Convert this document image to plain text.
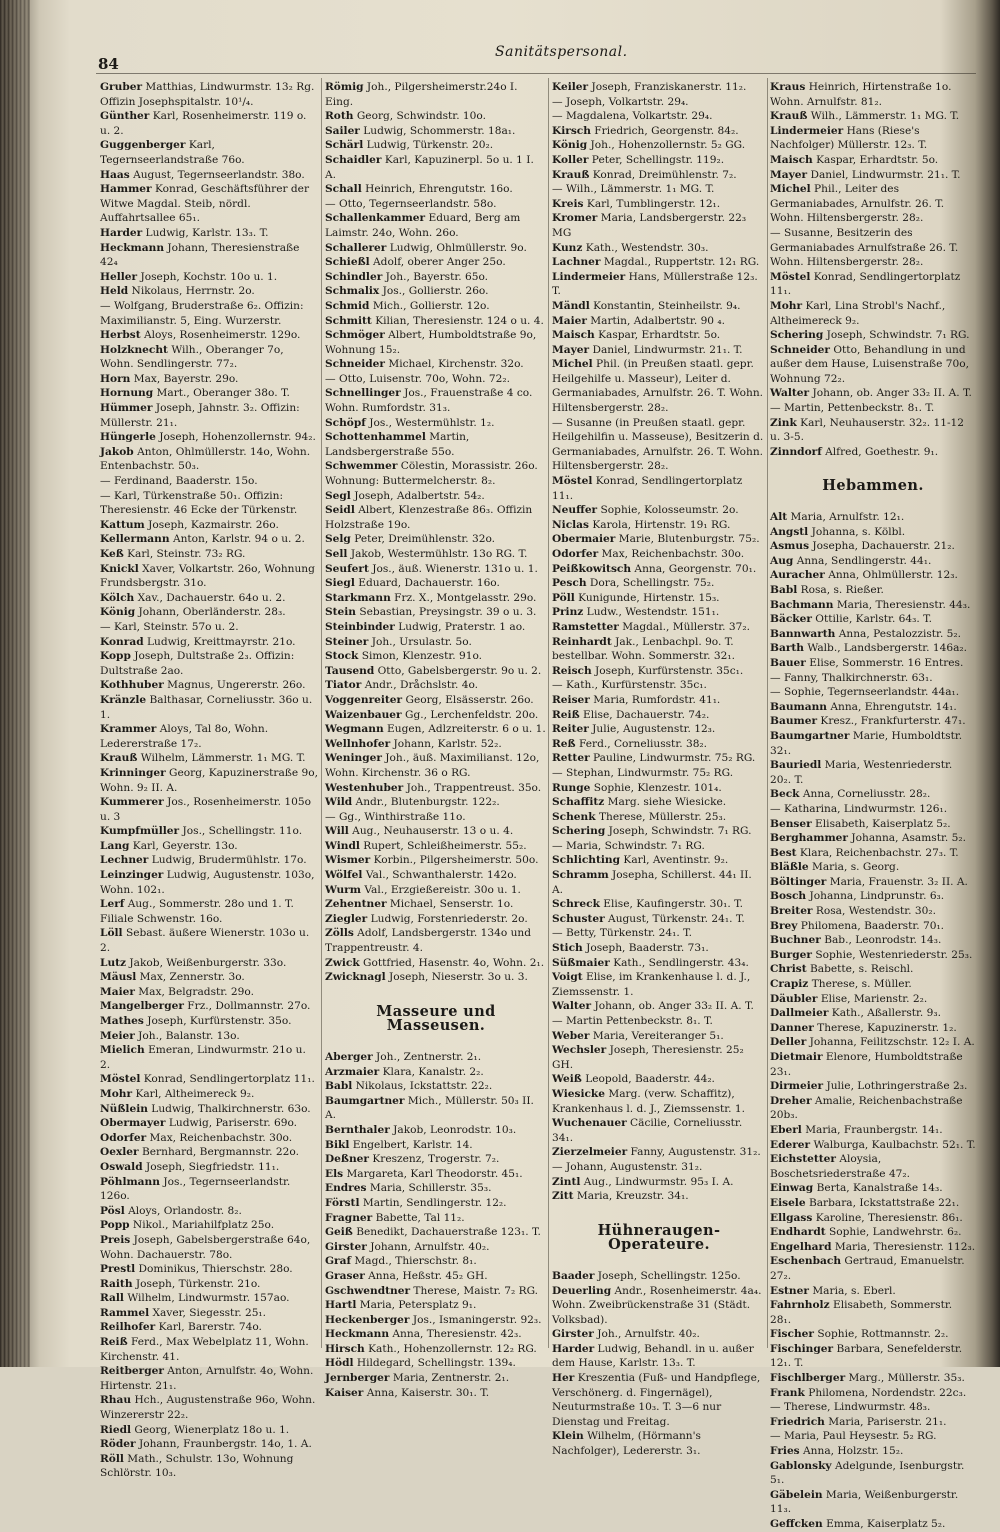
84
Sanitätspersonal.
Gruber Matthias, Lindwurmstr. 13₂ Rg. Offizin Josephspitalstr. 10¹/₄.
Günther Karl, Rosenheimerstr. 119 o. u. 2.
Guggenberger Karl, Tegernseerlandstraße 76o.
Haas August, Tegernseerlandstr. 38o.
Hammer Konrad, Geschäftsführer der Witwe Magdal. Steib, nördl. Auffahrtsallee 65₁.
Harder Ludwig, Karlstr. 13₃. T.
Heckmann Johann, Theresienstraße 42₄
Heller Joseph, Kochstr. 10o u. 1.
Held Nikolaus, Herrnstr. 2o.
— Wolfgang, Bruderstraße 6₂. Offizin: Maximilianstr. 5, Eing. Wurzerstr.
Herbst Aloys, Rosenheimerstr. 129o.
Holzknecht Wilh., Oberanger 7o, Wohn. Sendlingerstr. 77₂.
Horn Max, Bayerstr. 29o.
Hornung Mart., Oberanger 38o. T.
Hümmer Joseph, Jahnstr. 3₂. Offizin: Müllerstr. 21₁.
Hüngerle Joseph, Hohenzollernstr. 94₂.
Jakob Anton, Ohlmüllerstr. 14o, Wohn. Entenbachstr. 50₃.
— Ferdinand, Baaderstr. 15o.
— Karl, Türkenstraße 50₁. Offizin: Theresienstr. 46 Ecke der Türkenstr.
Kattum Joseph, Kazmairstr. 26o.
Kellermann Anton, Karlstr. 94 o u. 2.
Keß Karl, Steinstr. 73₂ RG.
Knickl Xaver, Volkartstr. 26o, Wohnung Frundsbergstr. 31o.
Kölch Xav., Dachauerstr. 64o u. 2.
König Johann, Oberländerstr. 28₃.
— Karl, Steinstr. 57o u. 2.
Konrad Ludwig, Kreittmayrstr. 21o.
Kopp Joseph, Dultstraße 2₃. Offizin: Dultstraße 2ao.
Kothhuber Magnus, Ungererstr. 26o.
Kränzle Balthasar, Corneliusstr. 36o u. 1.
Krammer Aloys, Tal 8o, Wohn. Ledererstraße 17₂.
Krauß Wilhelm, Lämmerstr. 1₁ MG. T.
Krinninger Georg, Kapuzinerstraße 9o, Wohn. 9₂ II. A.
Kummerer Jos., Rosenheimerstr. 105o u. 3
Kumpfmüller Jos., Schellingstr. 11o.
Lang Karl, Geyerstr. 13o.
Lechner Ludwig, Brudermühlstr. 17o.
Leinzinger Ludwig, Augustenstr. 103o, Wohn. 102₁.
Lerf Aug., Sommerstr. 28o und 1. T. Filiale Schwenstr. 16o.
Löll Sebast. äußere Wienerstr. 103o u. 2.
Lutz Jakob, Weißenburgerstr. 33o.
Mäusl Max, Zennerstr. 3o.
Maier Max, Belgradstr. 29o.
Mangelberger Frz., Dollmannstr. 27o.
Mathes Joseph, Kurfürstenstr. 35o.
Meier Joh., Balanstr. 13o.
Mielich Emeran, Lindwurmstr. 21o u. 2.
Möstel Konrad, Sendlingertorplatz 11₁.
Mohr Karl, Altheimereck 9₂.
Nüßlein Ludwig, Thalkirchnerstr. 63o.
Obermayer Ludwig, Pariserstr. 69o.
Odorfer Max, Reichenbachstr. 30o.
Oexler Bernhard, Bergmannstr. 22o.
Oswald Joseph, Siegfriedstr. 11₁.
Pöhlmann Jos., Tegernseerlandstr. 126o.
Pösl Aloys, Orlandostr. 8₂.
Popp Nikol., Mariahilfplatz 25o.
Preis Joseph, Gabelsbergerstraße 64o, Wohn. Dachauerstr. 78o.
Prestl Dominikus, Thierschstr. 28o.
Raith Joseph, Türkenstr. 21o.
Rall Wilhelm, Lindwurmstr. 157ao.
Rammel Xaver, Siegesstr. 25₁.
Reilhofer Karl, Barerstr. 74o.
Reiß Ferd., Max Webelplatz 11, Wohn. Kirchenstr. 41.
Reitberger Anton, Arnulfstr. 4o, Wohn. Hirtenstr. 21₁.
Rhau Hch., Augustenstraße 96o, Wohn. Winzererstr 22₂.
Riedl Georg, Wienerplatz 18o u. 1.
Röder Johann, Fraunbergstr. 14o, 1. A.
Röll Math., Schulstr. 13o, Wohnung Schlörstr. 10₃.
Römig Joh., Pilgersheimerstr.24o I. Eing.
Roth Georg, Schwindstr. 10o.
Sailer Ludwig, Schommerstr. 18a₁.
Schärl Ludwig, Türkenstr. 20₂.
Schaidler Karl, Kapuzinerpl. 5o u. 1 I. A.
Schall Heinrich, Ehrengutstr. 16o.
— Otto, Tegernseerlandstr. 58o.
Schallenkammer Eduard, Berg am Laimstr. 24o, Wohn. 26o.
Schallerer Ludwig, Ohlmüllerstr. 9o.
Schießl Adolf, oberer Anger 25o.
Schindler Joh., Bayerstr. 65o.
Schmalix Jos., Gollierstr. 26o.
Schmid Mich., Gollierstr. 12o.
Schmitt Kilian, Theresienstr. 124 o u. 4.
Schmöger Albert, Humboldtstraße 9o, Wohnung 15₂.
Schneider Michael, Kirchenstr. 32o.
— Otto, Luisenstr. 70o, Wohn. 72₂.
Schnellinger Jos., Frauenstraße 4 co. Wohn. Rumfordstr. 31₃.
Schöpf Jos., Westermühlstr. 1₂.
Schottenhammel Martin, Landsbergerstraße 55o.
Schwemmer Cölestin, Morassistr. 26o. Wohnung: Buttermelcherstr. 8₂.
Segl Joseph, Adalbertstr. 54₂.
Seidl Albert, Klenzestraße 86₃. Offizin Holzstraße 19o.
Selg Peter, Dreimühlenstr. 32o.
Sell Jakob, Westermühlstr. 13o RG. T.
Seufert Jos., äuß. Wienerstr. 131o u. 1.
Siegl Eduard, Dachauerstr. 16o.
Starkmann Frz. X., Montgelasstr. 29o.
Stein Sebastian, Preysingstr. 39 o u. 3.
Steinbinder Ludwig, Praterstr. 1 ao.
Steiner Joh., Ursulastr. 5o.
Stock Simon, Klenzestr. 91o.
Tausend Otto, Gabelsbergerstr. 9o u. 2.
Tiator Andr., Dråchslstr. 4o.
Voggenreiter Georg, Elsässerstr. 26o.
Waizenbauer Gg., Lerchenfeldstr. 20o.
Wegmann Eugen, Adlzreiterstr. 6 o u. 1.
Wellnhofer Johann, Karlstr. 52₂.
Weninger Joh., äuß. Maximilianst. 12o, Wohn. Kirchenstr. 36 o RG.
Westenhuber Joh., Trappentreust. 35o.
Wild Andr., Blutenburgstr. 122₂.
— Gg., Winthirstraße 11o.
Will Aug., Neuhauserstr. 13 o u. 4.
Windl Rupert, Schleißheimerstr. 55₂.
Wismer Korbin., Pilgersheimerstr. 50o.
Wölfel Val., Schwanthalerstr. 142o.
Wurm Val., Erzgießereistr. 30o u. 1.
Zehentner Michael, Senserstr. 1o.
Ziegler Ludwig, Forstenriederstr. 2o.
Zölls Adolf, Landsbergerstr. 134o und Trappentreustr. 4.
Zwick Gottfried, Hasenstr. 4o, Wohn. 2₁.
Zwicknagl Joseph, Nieserstr. 3o u. 3.
Masseure und Masseusen.
Aberger Joh., Zentnerstr. 2₁.
Arzmaier Klara, Kanalstr. 2₂.
Babl Nikolaus, Ickstattstr. 22₂.
Baumgartner Mich., Müllerstr. 50₃ II. A.
Bernthaler Jakob, Leonrodstr. 10₃.
Bikl Engelbert, Karlstr. 14.
Deßner Kreszenz, Trogerstr. 7₂.
Els Margareta, Karl Theodorstr. 45₁.
Endres Maria, Schillerstr. 35₃.
Förstl Martin, Sendlingerstr. 12₂.
Fragner Babette, Tal 11₂.
Geiß Benedikt, Dachauerstraße 123₁. T.
Girster Johann, Arnulfstr. 40₂.
Graf Magd., Thierschstr. 8₁.
Graser Anna, Heßstr. 45₂ GH.
Gschwendtner Therese, Maistr. 7₂ RG.
Hartl Maria, Petersplatz 9₁.
Heckenberger Jos., Ismaningerstr. 92₃.
Heckmann Anna, Theresienstr. 42₃.
Hirsch Kath., Hohenzollernstr. 12₂ RG.
Hödl Hildegard, Schellingstr. 139₄.
Jernberger Maria, Zentnerstr. 2₁.
Kaiser Anna, Kaiserstr. 30₁. T.
Keiler Joseph, Franziskanerstr. 11₂.
— Joseph, Volkartstr. 29₄.
— Magdalena, Volkartstr. 29₄.
Kirsch Friedrich, Georgenstr. 84₂.
König Joh., Hohenzollernstr. 5₂ GG.
Koller Peter, Schellingstr. 119₂.
Krauß Konrad, Dreimühlenstr. 7₂.
— Wilh., Lämmerstr. 1₁ MG. T.
Kreis Karl, Tumblingerstr. 12₁.
Kromer Maria, Landsbergerstr. 22₃ MG
Kunz Kath., Westendstr. 30₃.
Lachner Magdal., Ruppertstr. 12₁ RG.
Lindermeier Hans, Müllerstraße 12₃. T.
Mändl Konstantin, Steinheilstr. 9₄.
Maier Martin, Adalbertstr. 90 ₄.
Maisch Kaspar, Erhardtstr. 5o.
Mayer Daniel, Lindwurmstr. 21₁. T.
Michel Phil. (in Preußen staatl. gepr. Heilgehilfe u. Masseur), Leiter d. Germaniabades, Arnulfstr. 26. T. Wohn. Hiltensbergerstr. 28₂.
— Susanne (in Preußen staatl. gepr. Heilgehilfin u. Masseuse), Besitzerin d. Germaniabades, Arnulfstr. 26. T. Wohn. Hiltensbergerstr. 28₂.
Möstel Konrad, Sendlingertorplatz 11₁.
Neuffer Sophie, Kolosseumstr. 2o.
Niclas Karola, Hirtenstr. 19₁ RG.
Obermaier Marie, Blutenburgstr. 75₂.
Odorfer Max, Reichenbachstr. 30o.
Peißkowitsch Anna, Georgenstr. 70₁.
Pesch Dora, Schellingstr. 75₂.
Pöll Kunigunde, Hirtenstr. 15₃.
Prinz Ludw., Westendstr. 151₁.
Ramstetter Magdal., Müllerstr. 37₂.
Reinhardt Jak., Lenbachpl. 9o. T. bestellbar. Wohn. Sommerstr. 32₁.
Reisch Joseph, Kurfürstenstr. 35c₁.
— Kath., Kurfürstenstr. 35c₁.
Reiser Maria, Rumfordstr. 41₁.
Reiß Elise, Dachauerstr. 74₂.
Reiter Julie, Augustenstr. 12₃.
Reß Ferd., Corneliusstr. 38₂.
Retter Pauline, Lindwurmstr. 75₂ RG.
— Stephan, Lindwurmstr. 75₂ RG.
Runge Sophie, Klenzestr. 101₄.
Schaffitz Marg. siehe Wiesicke.
Schenk Therese, Müllerstr. 25₃.
Schering Joseph, Schwindstr. 7₁ RG.
— Maria, Schwindstr. 7₁ RG.
Schlichting Karl, Aventinstr. 9₂.
Schramm Josepha, Schillerst. 44₁ II. A.
Schreck Elise, Kaufingerstr. 30₁. T.
Schuster August, Türkenstr. 24₁. T.
— Betty, Türkenstr. 24₁. T.
Stich Joseph, Baaderstr. 73₁.
Süßmaier Kath., Sendlingerstr. 43₄.
Voigt Elise, im Krankenhause l. d. J., Ziemssenstr. 1.
Walter Johann, ob. Anger 33₂ II. A. T.
— Martin Pettenbeckstr. 8₁. T.
Weber Maria, Vereiteranger 5₁.
Wechsler Joseph, Theresienstr. 25₂ GH.
Weiß Leopold, Baaderstr. 44₂.
Wiesicke Marg. (verw. Schaffitz), Krankenhaus l. d. J., Ziemssenstr. 1.
Wuchenauer Cäcilie, Corneliusstr. 34₁.
Zierzelmeier Fanny, Augustenstr. 31₂.
— Johann, Augustenstr. 31₂.
Zintl Aug., Lindwurmstr. 95₃ I. A.
Zitt Maria, Kreuzstr. 34₁.
Hühneraugen-Operateure.
Baader Joseph, Schellingstr. 125o.
Deuerling Andr., Rosenheimerstr. 4a₄. Wohn. Zweibrückenstraße 31 (Städt. Volksbad).
Girster Joh., Arnulfstr. 40₂.
Harder Ludwig, Behandl. in u. außer dem Hause, Karlstr. 13₃. T.
Her Kreszentia (Fuß- und Handpflege, Verschönerg. d. Fingernägel), Neuturmstraße 10₃. T. 3—6 nur Dienstag und Freitag.
Klein Wilhelm, (Hörmann's Nachfolger), Ledererstr. 3₁.
Kraus Heinrich, Hirtenstraße 1o. Wohn. Arnulfstr. 81₂.
Krauß Wilh., Lämmerstr. 1₁ MG. T.
Lindermeier Hans (Riese's Nachfolger) Müllerstr. 12₃. T.
Maisch Kaspar, Erhardtstr. 5o.
Mayer Daniel, Lindwurmstr. 21₁. T.
Michel Phil., Leiter des Germaniabades, Arnulfstr. 26. T. Wohn. Hiltensbergerstr. 28₂.
— Susanne, Besitzerin des Germaniabades Arnulfstraße 26. T. Wohn. Hiltensbergerstr. 28₂.
Möstel Konrad, Sendlingertorplatz 11₁.
Mohr Karl, Lina Strobl's Nachf., Altheimereck 9₂.
Schering Joseph, Schwindstr. 7₁ RG.
Schneider Otto, Behandlung in und außer dem Hause, Luisenstraße 70o, Wohnung 72₂.
Walter Johann, ob. Anger 33₂ II. A. T.
— Martin, Pettenbeckstr. 8₁. T.
Zink Karl, Neuhauserstr. 32₂. 11-12 u. 3-5.
Zinndorf Alfred, Goethestr. 9₁.
Hebammen.
Alt Maria, Arnulfstr. 12₁.
Angstl Johanna, s. Kölbl.
Asmus Josepha, Dachauerstr. 21₂.
Aug Anna, Sendlingerstr. 44₁.
Auracher Anna, Ohlmüllerstr. 12₃.
Babl Rosa, s. Rießer.
Bachmann Maria, Theresienstr. 44₃.
Bäcker Ottilie, Karlstr. 64₃. T.
Bannwarth Anna, Pestalozzistr. 5₂.
Barth Walb., Landsbergerstr. 146a₂.
Bauer Elise, Sommerstr. 16 Entres.
— Fanny, Thalkirchnerstr. 63₁.
— Sophie, Tegernseerlandstr. 44a₁.
Baumann Anna, Ehrengutstr. 14₁.
Baumer Kresz., Frankfurterstr. 47₁.
Baumgartner Marie, Humboldtstr. 32₁.
Bauriedl Maria, Westenriederstr. 20₂. T.
Beck Anna, Corneliusstr. 28₂.
— Katharina, Lindwurmstr. 126₁.
Benser Elisabeth, Kaiserplatz 5₂.
Berghammer Johanna, Asamstr. 5₂.
Best Klara, Reichenbachstr. 27₃. T.
Bläßle Maria, s. Georg.
Böltinger Maria, Frauenstr. 3₂ II. A.
Bosch Johanna, Lindprunstr. 6₃.
Breiter Rosa, Westendstr. 30₂.
Brey Philomena, Baaderstr. 70₁.
Buchner Bab., Leonrodstr. 14₃.
Burger Sophie, Westenriederstr. 25₃.
Christ Babette, s. Reischl.
Crapiz Therese, s. Müller.
Däubler Elise, Marienstr. 2₂.
Dallmeier Kath., Aßallerstr. 9₃.
Danner Therese, Kapuzinerstr. 1₂.
Deller Johanna, Feilitzschstr. 12₂ I. A.
Dietmair Elenore, Humboldtstraße 23₁.
Dirmeier Julie, Lothringerstraße 2₃.
Dreher Amalie, Reichenbachstraße 20b₃.
Eberl Maria, Fraunbergstr. 14₁.
Ederer Walburga, Kaulbachstr. 52₁. T.
Eichstetter Aloysia, Boschetsriederstraße 47₂.
Einwag Berta, Kanalstraße 14₃.
Eisele Barbara, Ickstattstraße 22₁.
Ellgass Karoline, Theresienstr. 86₁.
Endhardt Sophie, Landwehrstr. 6₂.
Engelhard Maria, Theresienstr. 112₃.
Eschenbach Gertraud, Emanuelstr. 27₂.
Estner Maria, s. Eberl.
Fahrnholz Elisabeth, Sommerstr. 28₁.
Fischer Sophie, Rottmannstr. 2₂.
Fischinger Barbara, Senefelderstr. 12₁. T.
Fischlberger Marg., Müllerstr. 35₃.
Frank Philomena, Nordendstr. 22c₃.
— Therese, Lindwurmstr. 48₃.
Friedrich Maria, Pariserstr. 21₁.
— Maria, Paul Heysestr. 5₂ RG.
Fries Anna, Holzstr. 15₂.
Gablonsky Adelgunde, Isenburgstr. 5₁.
Gäbelein Maria, Weißenburgerstr. 11₃.
Geffcken Emma, Kaiserplatz 5₂.
